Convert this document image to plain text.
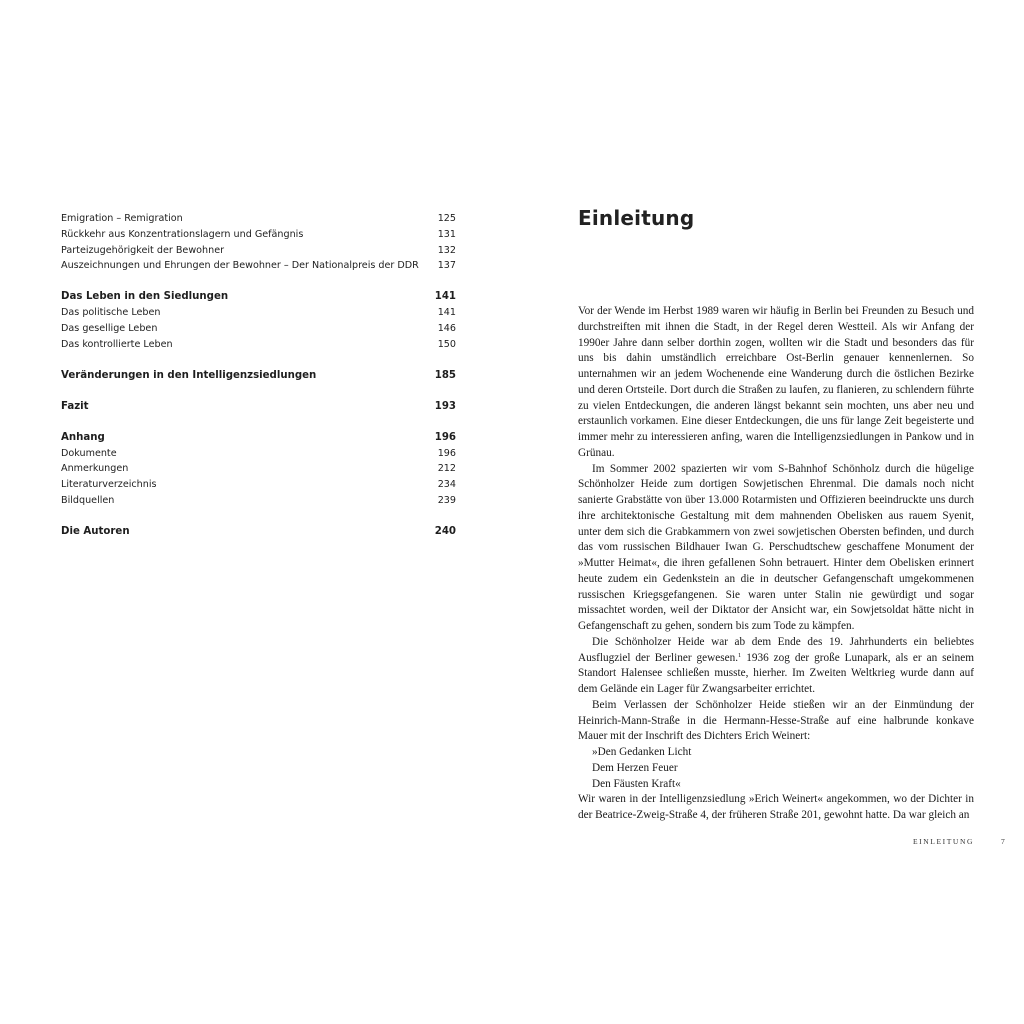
Emigration – Remigration	125
Rückkehr aus Konzentrationslagern und Gefängnis	131
Parteizugehörigkeit der Bewohner	132
Auszeichnungen und Ehrungen der Bewohner – Der Nationalpreis der DDR 137
Das Leben in den Siedlungen	141
Das politische Leben	141
Das gesellige Leben	146
Das kontrollierte Leben	150
Veränderungen in den Intelligenzsiedlungen	185
Fazit	193
Anhang	196
Dokumente	196
Anmerkungen	212
Literaturverzeichnis	234
Bildquellen	239
Die Autoren	240
Einleitung

Vor der Wende im Herbst 1989 waren wir häufig in Berlin bei Freunden zu Besuch und durchstreiften mit ihnen die Stadt, in der Regel deren Westteil. Als wir Anfang der 1990er Jahre dann selber dorthin zogen, wollten wir die Stadt und besonders das für uns bis dahin umständlich erreichbare Ost-Berlin genauer kennenlernen. So unternahmen wir an jedem Wochenende eine Wanderung durch die östlichen Bezirke und deren Ortsteile. Dort durch die Straßen zu laufen, zu flanieren, zu schlendern führte zu vielen Entdeckungen, die anderen längst bekannt sein mochten, uns aber neu und erstaunlich vorkamen. Eine dieser Entdeckungen, die uns für lange Zeit begeisterte und immer mehr zu interessieren anfing, waren die Intelligenzsiedlungen in Pankow und in Grünau.

Im Sommer 2002 spazierten wir vom S-Bahnhof Schönholz durch die hügelige Schönholzer Heide zum dortigen Sowjetischen Ehrenmal. Die damals noch nicht sanierte Grabstätte von über 13.000 Rotarmisten und Offizieren beeindruckte uns durch ihre architektonische Gestaltung mit dem mahnenden Obelisken aus rauem Syenit, unter dem sich die Grabkammern von zwei sowjetischen Obersten befinden, und durch das vom russischen Bildhauer Iwan G. Perschudtschew geschaffene Monument der »Mutter Heimat«, die ihren gefallenen Sohn betrauert. Hinter dem Obelisken erinnert heute zudem ein Gedenkstein an die in deutscher Gefangenschaft umgekommenen russischen Kriegsgefangenen. Sie waren unter Stalin nie gewürdigt und sogar missachtet worden, weil der Diktator der Ansicht war, ein Sowjetsoldat hätte nicht in Gefangenschaft zu gehen, sondern bis zum Tode zu kämpfen.

Die Schönholzer Heide war ab dem Ende des 19. Jahrhunderts ein beliebtes Ausflugziel der Berliner gewesen.$^1$ 1936 zog der große Lunapark, als er an seinem Standort Halensee schließen musste, hierher. Im Zweiten Weltkrieg wurde dann auf dem Gelände ein Lager für Zwangsarbeiter errichtet.

Beim Verlassen der Schönholzer Heide stießen wir an der Einmündung der Heinrich-Mann-Straße in die Hermann-Hesse-Straße auf eine halbrunde konkave Mauer mit der Inschrift des Dichters Erich Weinert:

»Den Gedanken Licht

Dem Herzen Feuer

Den Fäusten Kraft«

Wir waren in der Intelligenzsiedlung »Erich Weinert« angekommen, wo der Dichter in der Beatrice-Zweig-Straße 4, der früheren Straße 201, gewohnt hatte. Da war gleich an

EINLEITUNG	7
